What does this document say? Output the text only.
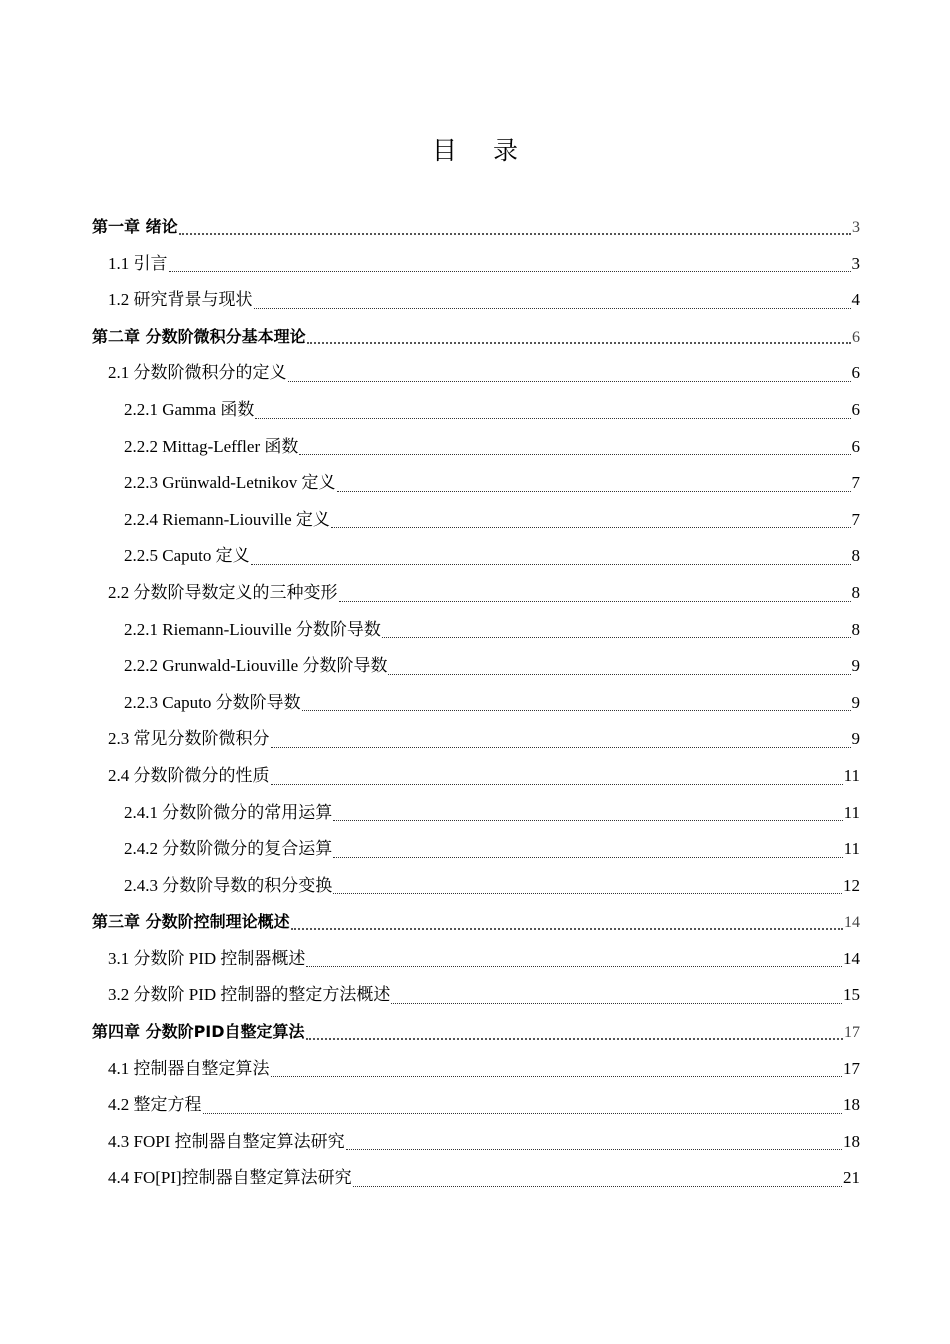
目 录
第一章 绪论	3
1.1 引言	3
1.2 研究背景与现状	4
第二章 分数阶微积分基本理论	6
2.1 分数阶微积分的定义	6
2.2.1 Gamma 函数	6
2.2.2 Mittag-Leffler 函数	6
2.2.3 Grünwald-Letnikov 定义	7
2.2.4 Riemann-Liouville 定义	7
2.2.5 Caputo 定义	8
2.2 分数阶导数定义的三种变形	8
2.2.1 Riemann-Liouville 分数阶导数	8
2.2.2 Grunwald-Liouville 分数阶导数	9
2.2.3 Caputo 分数阶导数	9
2.3 常见分数阶微积分	9
2.4 分数阶微分的性质	11
2.4.1 分数阶微分的常用运算	11
2.4.2 分数阶微分的复合运算	11
2.4.3 分数阶导数的积分变换	12
第三章 分数阶控制理论概述	14
3.1 分数阶 PID 控制器概述	14
3.2 分数阶 PID 控制器的整定方法概述	15
第四章 分数阶PID自整定算法	17
4.1 控制器自整定算法	17
4.2 整定方程	18
4.3 FOPI 控制器自整定算法研究	18
4.4 FO[PI]控制器自整定算法研究	21
